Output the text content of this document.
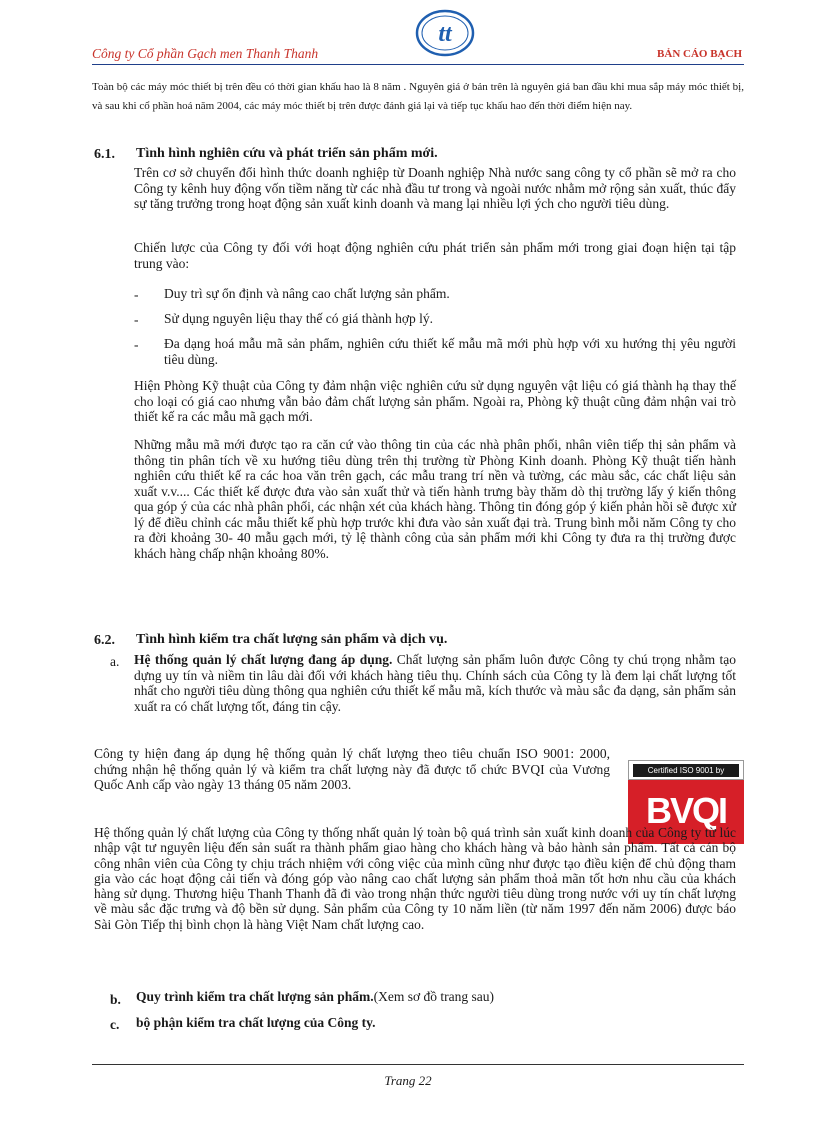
Công ty Cổ phần Gạch men Thanh Thanh
tt
BẢN CÁO BẠCH
Toàn bộ các máy móc thiết bị trên đều có thời gian khấu hao là 8 năm . Nguyên giá ở bản trên là nguyên giá ban đầu khi mua sắp máy móc thiết bị, và sau khi cổ phần hoá năm 2004, các máy móc thiết bị trên được đánh giá lại và tiếp tục khấu hao đến thời điểm hiện nay.
6.1. Tình hình nghiên cứu và phát triển sản phẩm mới.
Trên cơ sở chuyển đổi hình thức doanh nghiệp từ Doanh nghiệp Nhà nước sang công ty cổ phần sẽ mở ra cho Công ty kênh huy động vốn tiềm năng từ các nhà đầu tư trong và ngoài nước nhằm mở rộng sản xuất, thúc đẩy sự tăng trưởng trong hoạt động sản xuất kinh doanh và mang lại nhiều lợi ých cho người tiêu dùng.
Chiến lược của Công ty đối với hoạt động nghiên cứu phát triển sản phẩm mới trong giai đoạn hiện tại tập trung vào:
- Duy trì sự ổn định và nâng cao chất lượng sản phẩm.
- Sử dụng nguyên liệu thay thế có giá thành hợp lý.
- Đa dạng hoá mẫu mã sản phẩm, nghiên cứu thiết kế mẫu mã mới phù hợp với xu hướng thị yêu người tiêu dùng.
Hiện Phòng Kỹ thuật của Công ty đảm nhận việc nghiên cứu sử dụng nguyên vật liệu có giá thành hạ thay thế cho loại có giá cao nhưng vẫn bảo đảm chất lượng sản phẩm. Ngoài ra, Phòng kỹ thuật cũng đảm nhận vai trò thiết kế ra các mẫu mã gạch mới.
Những mẫu mã mới được tạo ra căn cứ vào thông tin của các nhà phân phối, nhân viên tiếp thị sản phẩm và thông tin phân tích về xu hướng tiêu dùng trên thị trường từ Phòng Kinh doanh. Phòng Kỹ thuật tiến hành nghiên cứu thiết kế ra các hoa văn trên gạch, các mẫu trang trí nền và tường, các màu sắc, các chất liệu sản xuất v.v.... Các thiết kế được đưa vào sản xuất thử và tiến hành trưng bày thăm dò thị trường lấy ý kiến thông qua góp ý của các nhà phân phối, các nhận xét của khách hàng. Thông tin đóng góp ý kiến phản hồi sẽ được xử lý để điều chỉnh các mẫu thiết kế phù hợp trước khi đưa vào sản xuất đại trà. Trung bình mỗi năm Công ty cho ra đời khoảng 30- 40 mẫu gạch mới, tỷ lệ thành công của sản phẩm mới khi Công ty đưa ra thị trường được khách hàng chấp nhận khoảng 80%.
6.2. Tình hình kiểm tra chất lượng sản phẩm và dịch vụ.
a. Hệ thống quản lý chất lượng đang áp dụng. Chất lượng sản phẩm luôn được Công ty chú trọng nhằm tạo dựng uy tín và niềm tin lâu dài đối với khách hàng tiêu thụ. Chính sách của Công ty là đem lại chất lượng tốt nhất cho người tiêu dùng thông qua nghiên cứu thiết kế mẫu mã, kích thước và màu sắc đa dạng, sản phẩm sản xuất ra có chất lượng tốt, đáng tin cậy.
Công ty hiện đang áp dụng hệ thống quản lý chất lượng theo tiêu chuẩn ISO 9001: 2000, chứng nhận hệ thống quản lý và kiểm tra chất lượng này đã được tổ chức BVQI của Vương Quốc Anh cấp vào ngày 13 tháng 05 năm 2003.
Certified ISO 9001 by
BVQI
Hệ thống quản lý chất lượng của Công ty thống nhất quản lý toàn bộ quá trình sản xuất kinh doanh của Công ty từ lúc nhập vật tư nguyên liệu đến sản suất ra thành phẩm giao hàng cho khách hàng và bảo hành sản phẩm. Tất cả cán bộ công nhân viên của Công ty chịu trách nhiệm với công việc của mình cũng như được tạo điều kiện để chủ động tham gia vào các hoạt động cải tiến và đóng góp vào nâng cao chất lượng sản phẩm thoả mãn tốt hơn nhu cầu của khách hàng sử dụng. Thương hiệu Thanh Thanh đã đi vào trong nhận thức người tiêu dùng trong nước với uy tín chất lượng về màu sắc đặc trưng và độ bền sử dụng. Sản phẩm của Công ty 10 năm liền (từ năm 1997 đến năm 2006) được báo Sài Gòn Tiếp thị bình chọn là hàng Việt Nam chất lượng cao.
b. Quy trình kiểm tra chất lượng sản phẩm.(Xem sơ đồ trang sau)
c. bộ phận kiểm tra chất lượng của Công ty.
Trang 22
